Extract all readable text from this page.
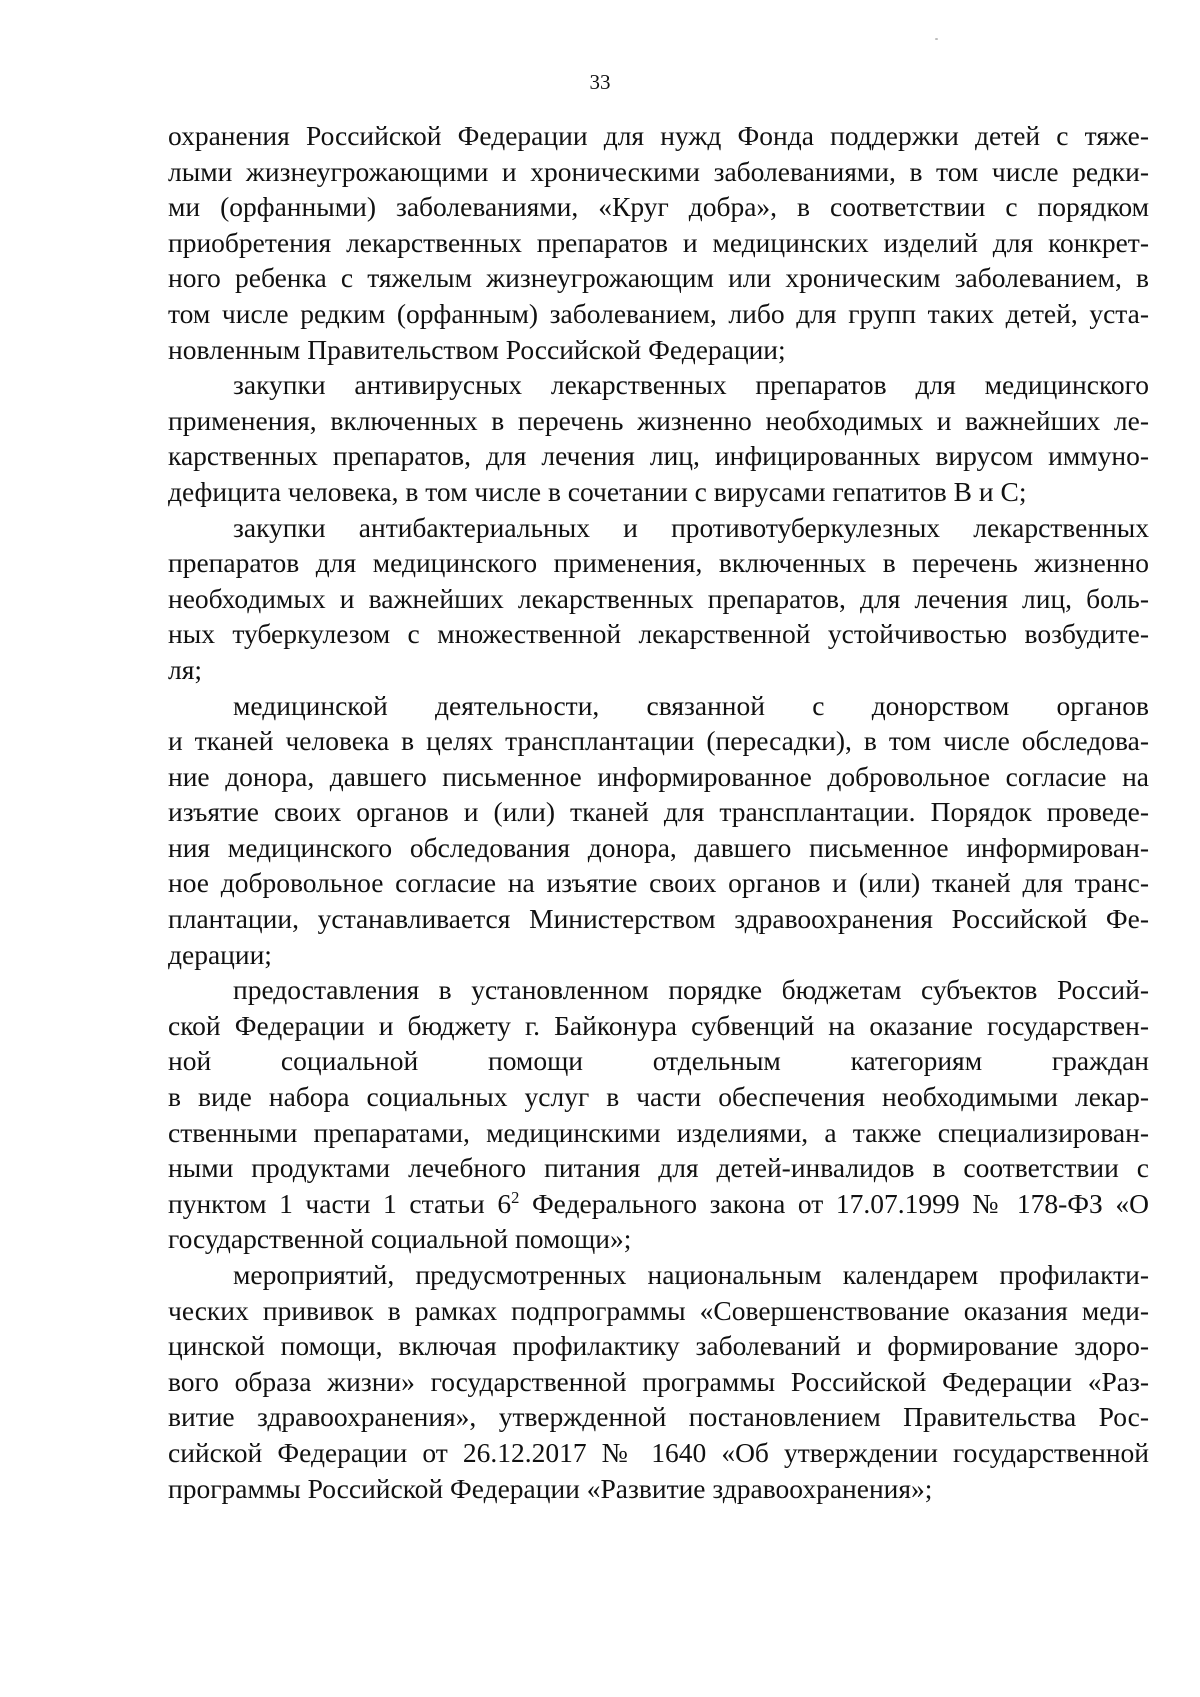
33

охранения Российской Федерации для нужд Фонда поддержки детей с тяже-
лыми жизнеугрожающими и хроническими заболеваниями, в том числе редки-
ми (орфанными) заболеваниями, «Круг добра», в соответствии с порядком
приобретения лекарственных препаратов и медицинских изделий для конкрет-
ного ребенка с тяжелым жизнеугрожающим или хроническим заболеванием, в
том числе редким (орфанным) заболеванием, либо для групп таких детей, уста-
новленным Правительством Российской Федерации;

закупки антивирусных лекарственных препаратов для медицинского
применения, включенных в перечень жизненно необходимых и важнейших ле-
карственных препаратов, для лечения лиц, инфицированных вирусом иммуно-
дефицита человека, в том числе в сочетании с вирусами гепатитов В и С;

закупки антибактериальных и противотуберкулезных лекарственных
препаратов для медицинского применения, включенных в перечень жизненно
необходимых и важнейших лекарственных препаратов, для лечения лиц, боль-
ных туберкулезом с множественной лекарственной устойчивостью возбудите-
ля;

медицинской деятельности, связанной с донорством органов
и тканей человека в целях трансплантации (пересадки), в том числе обследова-
ние донора, давшего письменное информированное добровольное согласие на
изъятие своих органов и (или) тканей для трансплантации. Порядок проведе-
ния медицинского обследования донора, давшего письменное информирован-
ное добровольное согласие на изъятие своих органов и (или) тканей для транс-
плантации, устанавливается Министерством здравоохранения Российской Фе-
дерации;

предоставления в установленном порядке бюджетам субъектов Россий-
ской Федерации и бюджету г. Байконура субвенций на оказание государствен-
ной социальной помощи отдельным категориям граждан
в виде набора социальных услуг в части обеспечения необходимыми лекар-
ственными препаратами, медицинскими изделиями, а также специализирован-
ными продуктами лечебного питания для детей-инвалидов в соответствии с
пунктом 1 части 1 статьи $6^2$ Федерального закона от 17.07.1999 № 178-ФЗ «О
государственной социальной помощи»;

мероприятий, предусмотренных национальным календарем профилакти-
ческих прививок в рамках подпрограммы «Совершенствование оказания меди-
цинской помощи, включая профилактику заболеваний и формирование здоро-
вого образа жизни» государственной программы Российской Федерации «Раз-
витие здравоохранения», утвержденной постановлением Правительства Рос-
сийской Федерации от 26.12.2017 № 1640 «Об утверждении государственной
программы Российской Федерации «Развитие здравоохранения»;
